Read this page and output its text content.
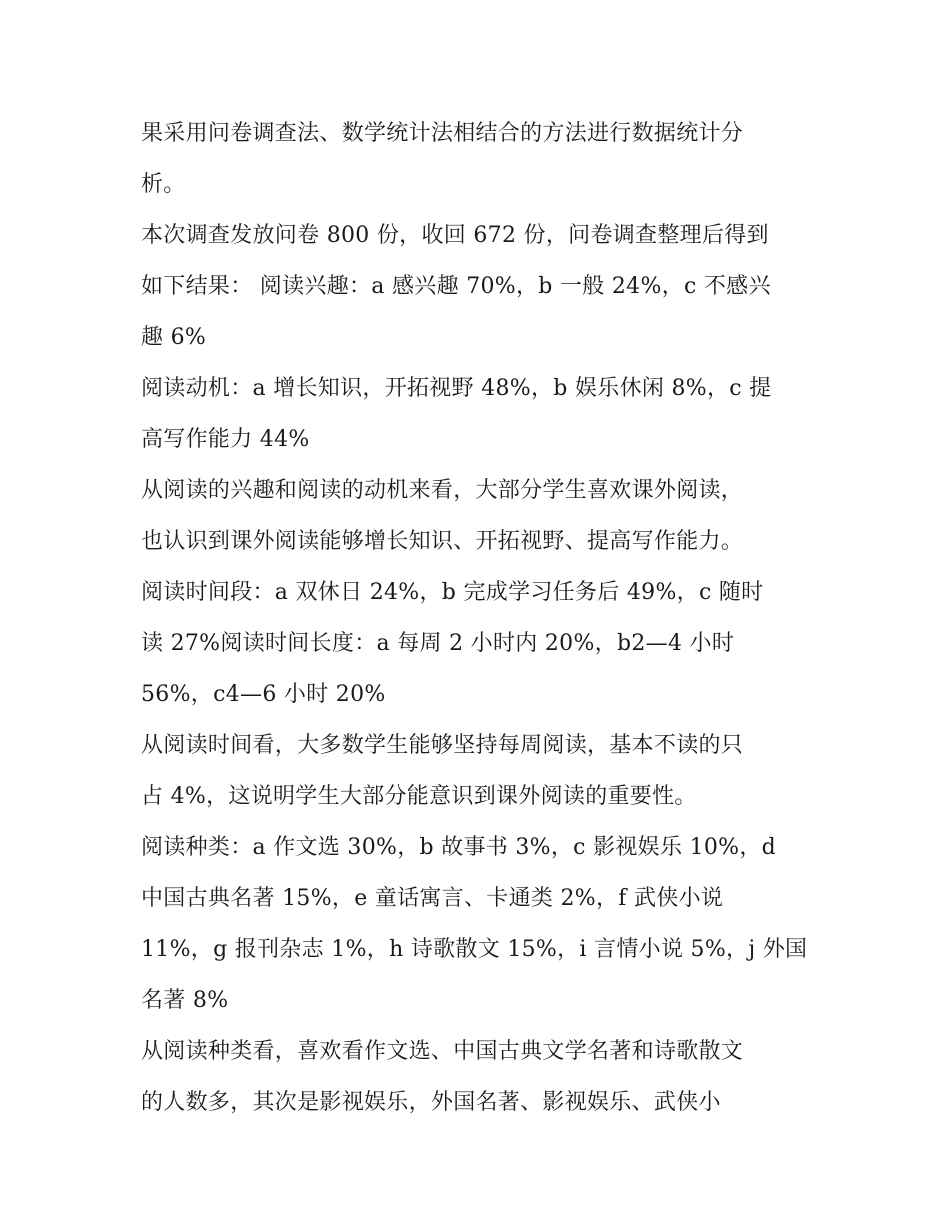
果采用问卷调查法、数学统计法相结合的方法进行数据统计分
析。
本次调查发放问卷 800 份，收回 672 份，问卷调查整理后得到
如下结果： 阅读兴趣：a 感兴趣 70%，b 一般 24%，c 不感兴
趣 6%
阅读动机：a 增长知识，开拓视野 48%，b 娱乐休闲 8%，c 提
高写作能力 44%
从阅读的兴趣和阅读的动机来看，大部分学生喜欢课外阅读，
也认识到课外阅读能够增长知识、开拓视野、提高写作能力。
阅读时间段：a 双休日 24%，b 完成学习任务后 49%，c 随时
读 27%阅读时间长度：a 每周 2 小时内 20%，b2—4 小时
56%，c4—6 小时 20%
从阅读时间看，大多数学生能够坚持每周阅读，基本不读的只
占 4%，这说明学生大部分能意识到课外阅读的重要性。
阅读种类：a 作文选 30%，b 故事书 3%，c 影视娱乐 10%，d
中国古典名著 15%，e 童话寓言、卡通类 2%，f 武侠小说
11%，g 报刊杂志 1%，h 诗歌散文 15%，i 言情小说 5%，j 外国
名著 8%
从阅读种类看，喜欢看作文选、中国古典文学名著和诗歌散文
的人数多，其次是影视娱乐，外国名著、影视娱乐、武侠小
